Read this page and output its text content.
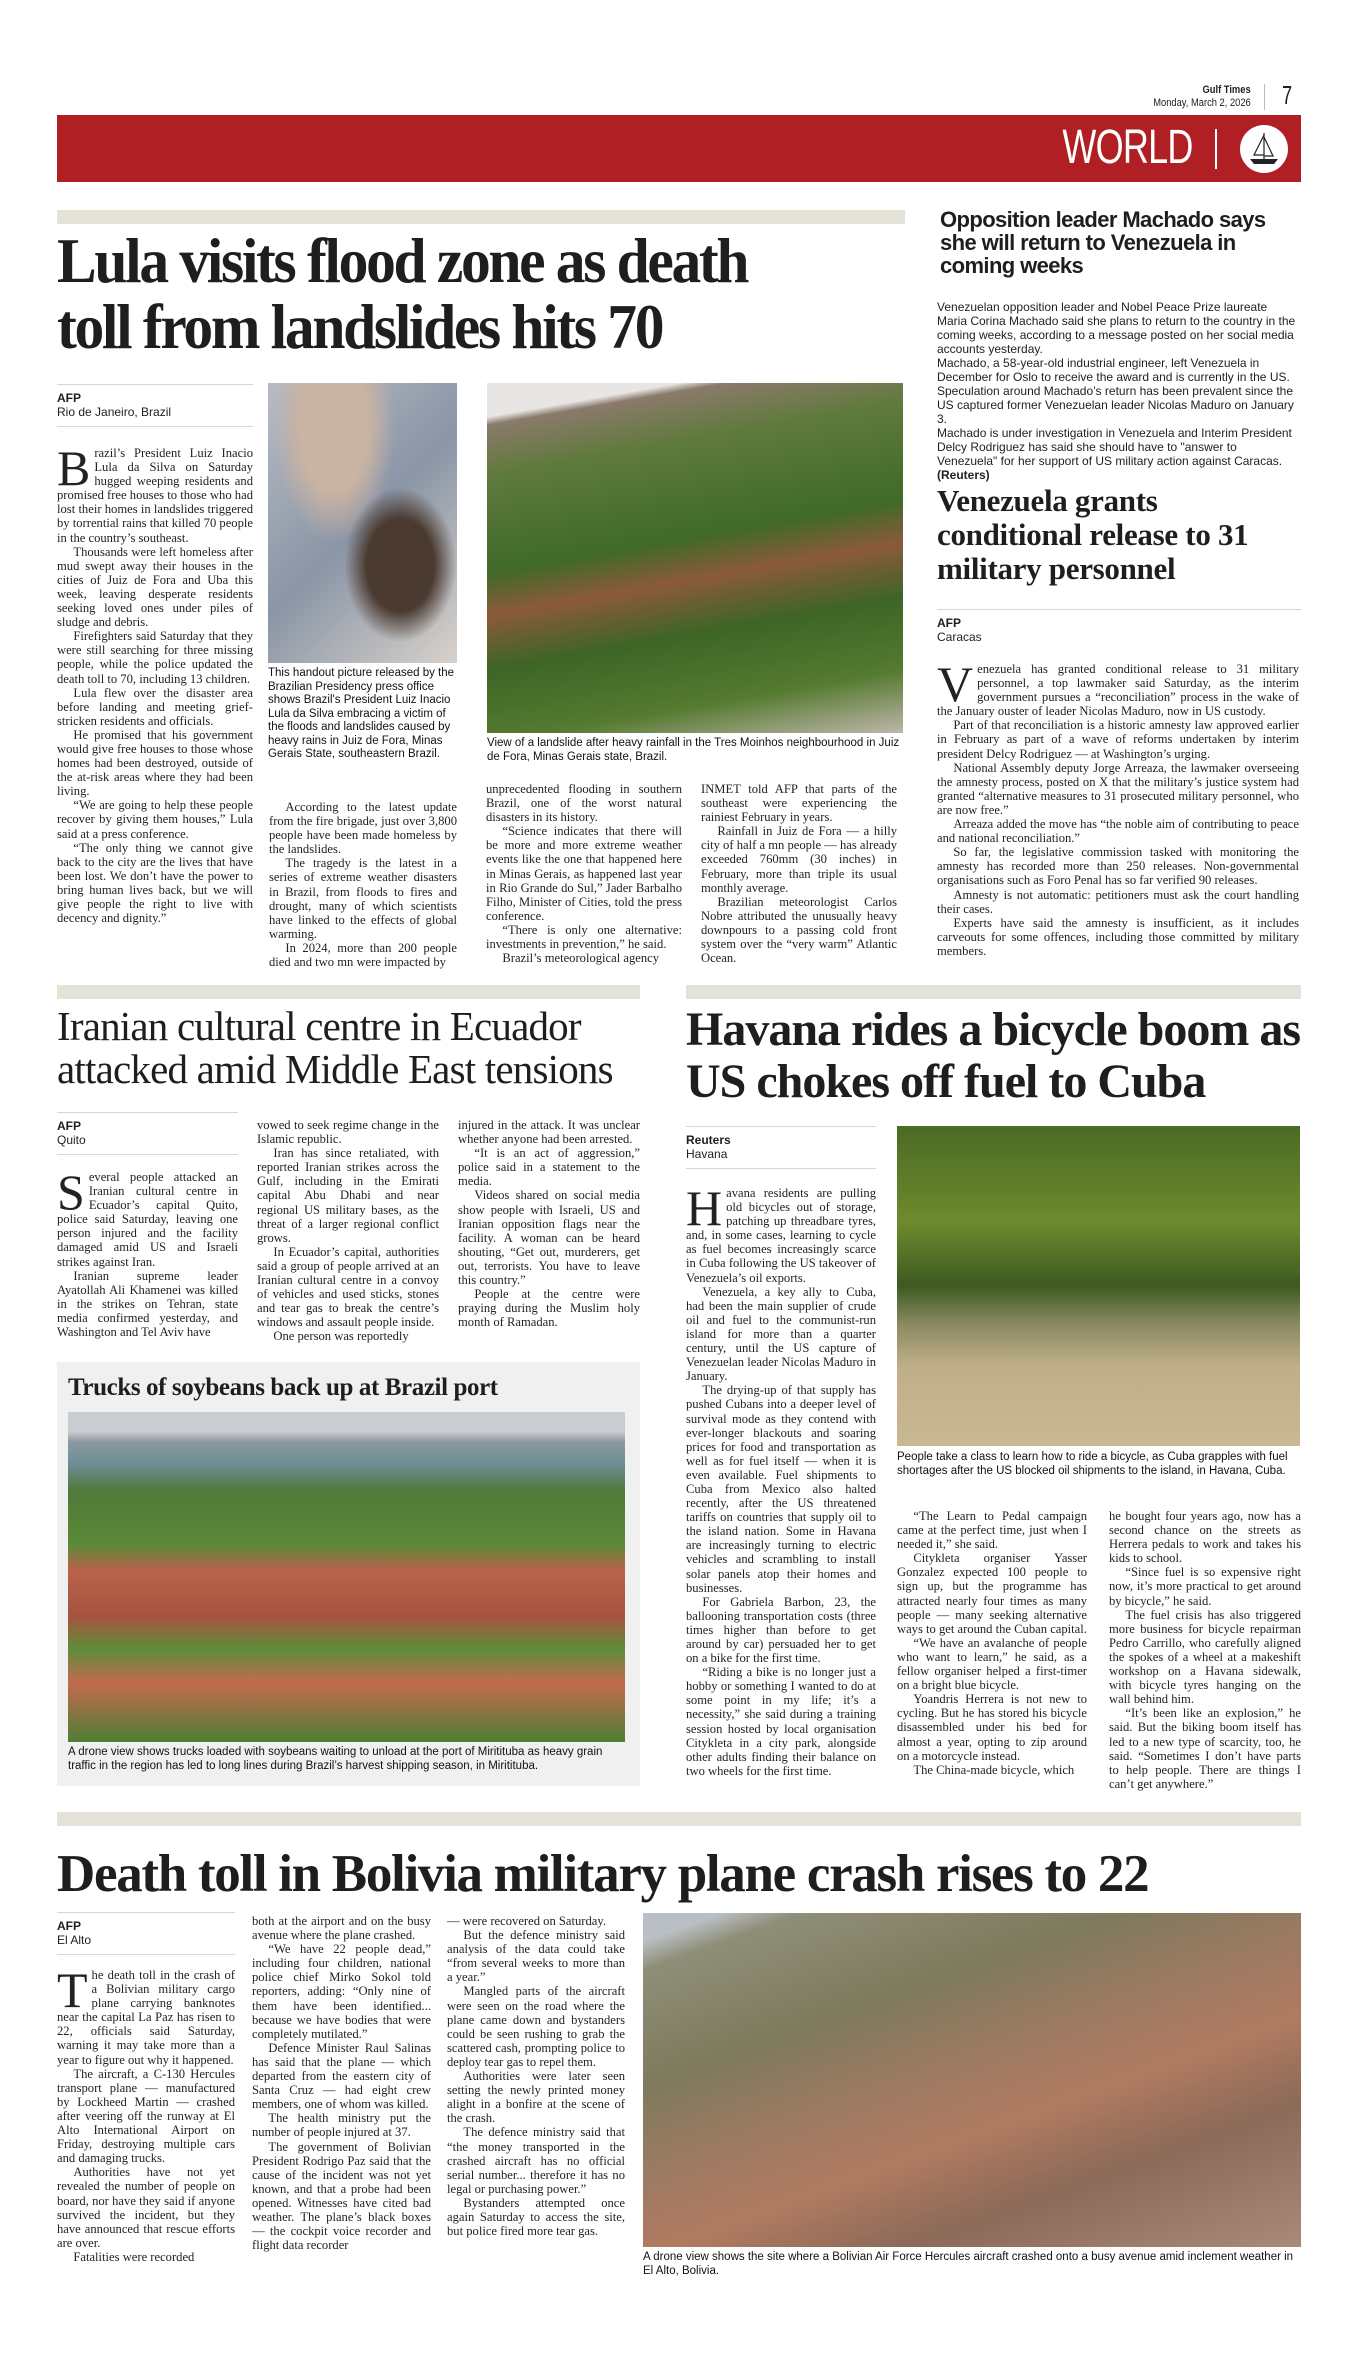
Gulf Times
Monday, March 2, 2026 7
WORLD
Lula visits flood zone as death
toll from landslides hits 70
AFP
Rio de Janeiro, Brazil

Brazil’s President Luiz Inacio Lula da Silva on Saturday hugged weeping residents and promised free houses to those who had lost their homes in landslides triggered by torrential rains that killed 70 people in the country’s southeast.

Thousands were left homeless after mud swept away their houses in the cities of Juiz de Fora and Uba this week, leaving desperate residents seeking loved ones under piles of sludge and debris.

Firefighters said Saturday that they were still searching for three missing people, while the police updated the death toll to 70, including 13 children.

Lula flew over the disaster area before landing and meeting grief-stricken residents and officials.

He promised that his government would give free houses to those whose homes had been destroyed, outside of the at-risk areas where they had been living.

“We are going to help these people recover by giving them houses,” Lula said at a press conference.

“The only thing we cannot give back to the city are the lives that have been lost. We don’t have the power to bring human lives back, but we will give people the right to live with decency and dignity.”

This handout picture released by the Brazilian Presidency press office shows Brazil's President Luiz Inacio Lula da Silva embracing a victim of the floods and landslides caused by heavy rains in Juiz de Fora, Minas Gerais State, southeastern Brazil.
View of a landslide after heavy rainfall in the Tres Moinhos neighbourhood in Juiz de Fora, Minas Gerais state, Brazil.

According to the latest update from the fire brigade, just over 3,800 people have been made homeless by the landslides.

The tragedy is the latest in a series of extreme weather disasters in Brazil, from floods to fires and drought, many of which scientists have linked to the effects of global warming.

In 2024, more than 200 people died and two mn were impacted by

unprecedented flooding in southern Brazil, one of the worst natural disasters in its history.

“Science indicates that there will be more and more extreme weather events like the one that happened here in Minas Gerais, as happened last year in Rio Grande do Sul,” Jader Barbalho Filho, Minister of Cities, told the press conference.

“There is only one alternative: investments in prevention,” he said.

Brazil’s meteorological agency

INMET told AFP that parts of the southeast were experiencing the rainiest February in years.

Rainfall in Juiz de Fora — a hilly city of half a mn people — has already exceeded 760mm (30 inches) in February, more than triple its usual monthly average.

Brazilian meteorologist Carlos Nobre attributed the unusually heavy downpours to a passing cold front system over the “very warm” Atlantic Ocean.

Opposition leader Machado says she will return to Venezuela in coming weeks

Venezuelan opposition leader and Nobel Peace Prize laureate Maria Corina Machado said she plans to return to the country in the coming weeks, according to a message posted on her social media accounts yesterday.

Machado, a 58-year-old industrial engineer, left Venezuela in December for Oslo to receive the award and is currently in the US.

Speculation around Machado’s return has been prevalent since the US captured former Venezuelan leader Nicolas Maduro on January 3.

Machado is under investigation in Venezuela and Interim President Delcy Rodriguez has said she should have to "answer to Venezuela" for her support of US military action against Caracas. (Reuters)

Venezuela grants conditional release to 31 military personnel
AFP
Caracas

Venezuela has granted conditional release to 31 military personnel, a top lawmaker said Saturday, as the interim government pursues a “reconciliation” process in the wake of the January ouster of leader Nicolas Maduro, now in US custody.

Part of that reconciliation is a historic amnesty law approved earlier in February as part of a wave of reforms undertaken by interim president Delcy Rodriguez — at Washington’s urging.

National Assembly deputy Jorge Arreaza, the lawmaker overseeing the amnesty process, posted on X that the military’s justice system had granted “alternative measures to 31 prosecuted military personnel, who are now free.”

Arreaza added the move has “the noble aim of contributing to peace and national reconciliation.”

So far, the legislative commission tasked with monitoring the amnesty has recorded more than 250 releases. Non-governmental organisations such as Foro Penal has so far verified 90 releases.

Amnesty is not automatic: petitioners must ask the court handling their cases.

Experts have said the amnesty is insufficient, as it includes carveouts for some offences, including those committed by military members.

Iranian cultural centre in Ecuador
attacked amid Middle East tensions
AFP
Quito

Several people attacked an Iranian cultural centre in Ecuador’s capital Quito, police said Saturday, leaving one person injured and the facility damaged amid US and Israeli strikes against Iran.

Iranian supreme leader Ayatollah Ali Khamenei was killed in the strikes on Tehran, state media confirmed yesterday, and Washington and Tel Aviv have

vowed to seek regime change in the Islamic republic.

Iran has since retaliated, with reported Iranian strikes across the Gulf, including in the Emirati capital Abu Dhabi and near regional US military bases, as the threat of a larger regional conflict grows.

In Ecuador’s capital, authorities said a group of people arrived at an Iranian cultural centre in a convoy of vehicles and used sticks, stones and tear gas to break the centre’s windows and assault people inside.

One person was reportedly

injured in the attack. It was unclear whether anyone had been arrested.

“It is an act of aggression,” police said in a statement to the media.

Videos shared on social media show people with Israeli, US and Iranian opposition flags near the facility. A woman can be heard shouting, “Get out, murderers, get out, terrorists. You have to leave this country.”

People at the centre were praying during the Muslim holy month of Ramadan.

Trucks of soybeans back up at Brazil port
A drone view shows trucks loaded with soybeans waiting to unload at the port of Miritituba as heavy grain traffic in the region has led to long lines during Brazil’s harvest shipping season, in Miritituba.
Havana rides a bicycle boom as
US chokes off fuel to Cuba
Reuters
Havana

Havana residents are pulling old bicycles out of storage, patching up threadbare tyres, and, in some cases, learning to cycle as fuel becomes increasingly scarce in Cuba following the US takeover of Venezuela’s oil exports.

Venezuela, a key ally to Cuba, had been the main supplier of crude oil and fuel to the communist-run island for more than a quarter century, until the US capture of Venezuelan leader Nicolas Maduro in January.

The drying-up of that supply has pushed Cubans into a deeper level of survival mode as they contend with ever-longer blackouts and soaring prices for food and transportation as well as for fuel itself — when it is even available. Fuel shipments to Cuba from Mexico also halted recently, after the US threatened tariffs on countries that supply oil to the island nation. Some in Havana are increasingly turning to electric vehicles and scrambling to install solar panels atop their homes and businesses.

For Gabriela Barbon, 23, the ballooning transportation costs (three times higher than before to get around by car) persuaded her to get on a bike for the first time.

“Riding a bike is no longer just a hobby or something I wanted to do at some point in my life; it’s a necessity,” she said during a training session hosted by local organisation Citykleta in a city park, alongside other adults finding their balance on two wheels for the first time.

People take a class to learn how to ride a bicycle, as Cuba grapples with fuel shortages after the US blocked oil shipments to the island, in Havana, Cuba.

“The Learn to Pedal campaign came at the perfect time, just when I needed it,” she said.

Citykleta organiser Yasser Gonzalez expected 100 people to sign up, but the programme has attracted nearly four times as many people — many seeking alternative ways to get around the Cuban capital.

“We have an avalanche of people who want to learn,” he said, as a fellow organiser helped a first-timer on a bright blue bicycle.

Yoandris Herrera is not new to cycling. But he has stored his bicycle disassembled under his bed for almost a year, opting to zip around on a motorcycle instead.

The China-made bicycle, which

he bought four years ago, now has a second chance on the streets as Herrera pedals to work and takes his kids to school.

“Since fuel is so expensive right now, it’s more practical to get around by bicycle,” he said.

The fuel crisis has also triggered more business for bicycle repairman Pedro Carrillo, who carefully aligned the spokes of a wheel at a makeshift workshop on a Havana sidewalk, with bicycle tyres hanging on the wall behind him.

“It’s been like an explosion,” he said. But the biking boom itself has led to a new type of scarcity, too, he said. “Sometimes I don’t have parts to help people. There are things I can’t get anywhere.”

Death toll in Bolivia military plane crash rises to 22
AFP
El Alto

The death toll in the crash of a Bolivian military cargo plane carrying banknotes near the capital La Paz has risen to 22, officials said Saturday, warning it may take more than a year to figure out why it happened.

The aircraft, a C-130 Hercules transport plane — manufactured by Lockheed Martin — crashed after veering off the runway at El Alto International Airport on Friday, destroying multiple cars and damaging trucks.

Authorities have not yet revealed the number of people on board, nor have they said if anyone survived the incident, but they have announced that rescue efforts are over.

Fatalities were recorded

both at the airport and on the busy avenue where the plane crashed.

“We have 22 people dead,” including four children, national police chief Mirko Sokol told reporters, adding: “Only nine of them have been identified... because we have bodies that were completely mutilated.”

Defence Minister Raul Salinas has said that the plane — which departed from the eastern city of Santa Cruz — had eight crew members, one of whom was killed.

The health ministry put the number of people injured at 37.

The government of Bolivian President Rodrigo Paz said that the cause of the incident was not yet known, and that a probe had been opened. Witnesses have cited bad weather. The plane’s black boxes — the cockpit voice recorder and flight data recorder

— were recovered on Saturday.

But the defence ministry said analysis of the data could take “from several weeks to more than a year.”

Mangled parts of the aircraft were seen on the road where the plane came down and bystanders could be seen rushing to grab the scattered cash, prompting police to deploy tear gas to repel them.

Authorities were later seen setting the newly printed money alight in a bonfire at the scene of the crash.

The defence ministry said that “the money transported in the crashed aircraft has no official serial number... therefore it has no legal or purchasing power.”

Bystanders attempted once again Saturday to access the site, but police fired more tear gas.

A drone view shows the site where a Bolivian Air Force Hercules aircraft crashed onto a busy avenue amid inclement weather in El Alto, Bolivia.
